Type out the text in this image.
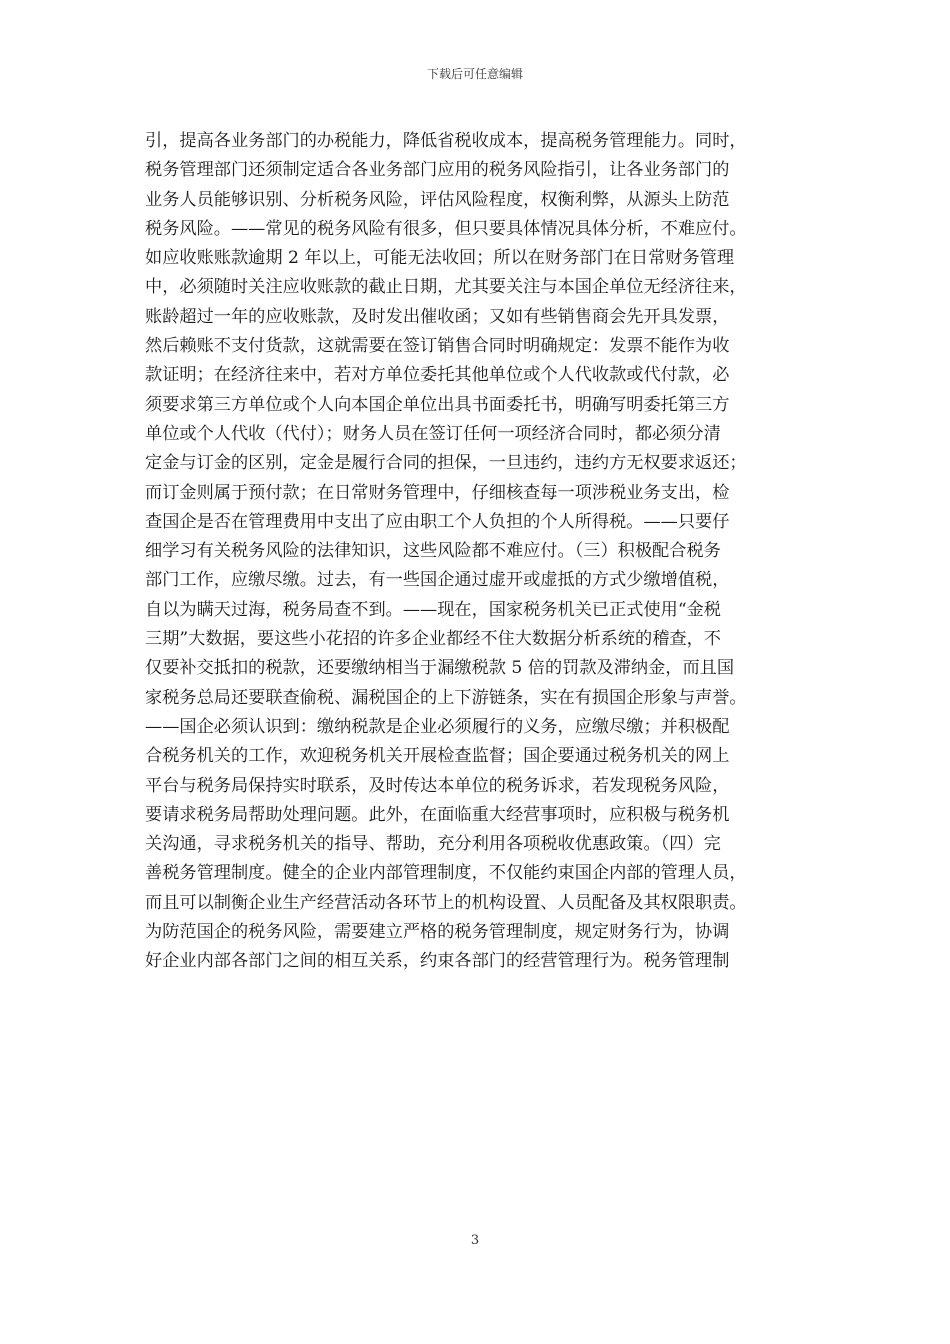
下载后可任意编辑
引，提高各业务部门的办税能力，降低省税收成本，提高税务管理能力。同时，
税务管理部门还须制定适合各业务部门应用的税务风险指引，让各业务部门的
业务人员能够识别、分析税务风险，评估风险程度，权衡利弊，从源头上防范
税务风险。——常见的税务风险有很多，但只要具体情况具体分析，不难应付。
如应收账账款逾期 2 年以上，可能无法收回；所以在财务部门在日常财务管理
中，必须随时关注应收账款的截止日期，尤其要关注与本国企单位无经济往来，
账龄超过一年的应收账款，及时发出催收函；又如有些销售商会先开具发票，
然后赖账不支付货款，这就需要在签订销售合同时明确规定：发票不能作为收
款证明；在经济往来中，若对方单位委托其他单位或个人代收款或代付款，必
须要求第三方单位或个人向本国企单位出具书面委托书，明确写明委托第三方
单位或个人代收（代付）；财务人员在签订任何一项经济合同时，都必须分清
定金与订金的区别，定金是履行合同的担保，一旦违约，违约方无权要求返还；
而订金则属于预付款；在日常财务管理中，仔细核查每一项涉税业务支出，检
查国企是否在管理费用中支出了应由职工个人负担的个人所得税。——只要仔
细学习有关税务风险的法律知识，这些风险都不难应付。（三）积极配合税务
部门工作，应缴尽缴。过去，有一些国企通过虚开或虚抵的方式少缴增值税，
自以为瞒天过海，税务局查不到。——现在，国家税务机关已正式使用“金税
三期”大数据，要这些小花招的许多企业都经不住大数据分析系统的稽查，不
仅要补交抵扣的税款，还要缴纳相当于漏缴税款 5 倍的罚款及滞纳金，而且国
家税务总局还要联查偷税、漏税国企的上下游链条，实在有损国企形象与声誉。
——国企必须认识到：缴纳税款是企业必须履行的义务，应缴尽缴；并积极配
合税务机关的工作，欢迎税务机关开展检查监督；国企要通过税务机关的网上
平台与税务局保持实时联系，及时传达本单位的税务诉求，若发现税务风险，
要请求税务局帮助处理问题。此外，在面临重大经营事项时，应积极与税务机
关沟通，寻求税务机关的指导、帮助，充分利用各项税收优惠政策。（四）完
善税务管理制度。健全的企业内部管理制度，不仅能约束国企内部的管理人员，
而且可以制衡企业生产经营活动各环节上的机构设置、人员配备及其权限职责。
为防范国企的税务风险，需要建立严格的税务管理制度，规定财务行为，协调
好企业内部各部门之间的相互关系，约束各部门的经营管理行为。税务管理制
3
